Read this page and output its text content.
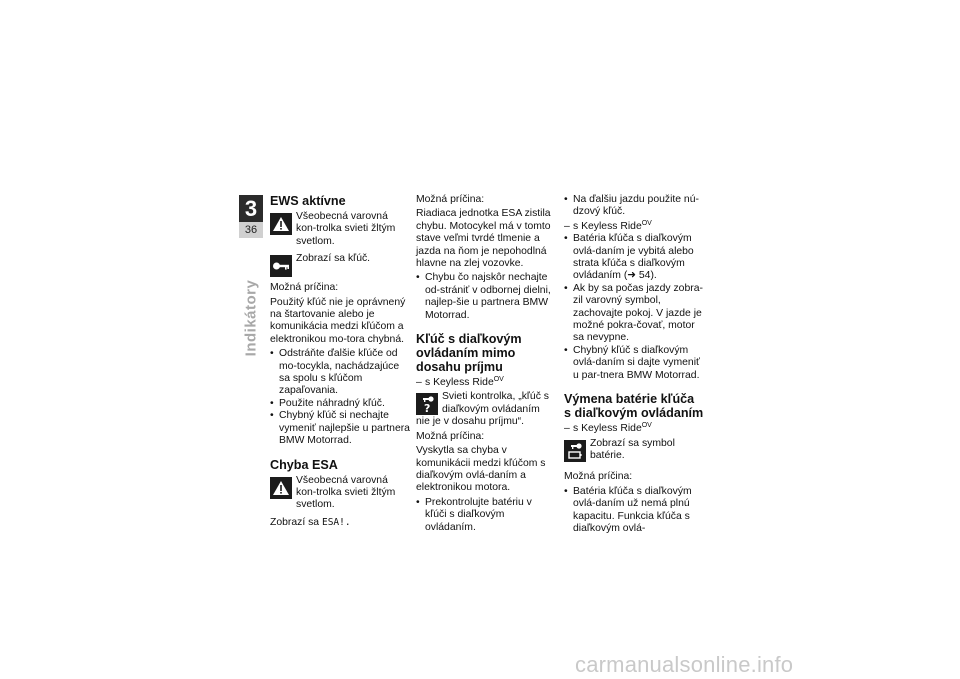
3
36
Indikátory
EWS aktívne
Všeobecná varovná kon-trolka svieti žltým svetlom.
Zobrazí sa kľúč.

Možná príčina:

Použitý kľúč nie je oprávnený na štartovanie alebo je komunikácia medzi kľúčom a elektronikou mo-tora chybná.

• Odstráňte ďalšie kľúče od mo-tocykla, nachádzajúce sa spolu s kľúčom zapaľovania.
• Použite náhradný kľúč.
• Chybný kľúč si nechajte vymeniť najlepšie u partnera BMW Motorrad.
Chyba ESA
Všeobecná varovná kon-trolka svieti žltým svetlom.

Zobrazí sa ESA!.

Možná príčina:

Riadiaca jednotka ESA zistila chybu. Motocykel má v tomto stave veľmi tvrdé tlmenie a jazda na ňom je nepohodlná hlavne na zlej vozovke.

• Chybu čo najskôr nechajte od-strániť v odbornej dielni, najlep-šie u partnera BMW Motorrad.
Kľúč s diaľkovým ovládaním mimo dosahu príjmu
– s Keyless Ride$^{OV}$
?
Svieti kontrolka, „kľúč s diaľkovým ovládaním nie je v dosahu príjmu“.

Možná príčina:

Vyskytla sa chyba v komunikácii medzi kľúčom s diaľkovým ovlá-daním a elektronikou motora.

• Prekontrolujte batériu v kľúči s diaľkovým ovládaním.
• Na ďalšiu jazdu použite nú-dzový kľúč.
– s Keyless Ride$^{OV}$
• Batéria kľúča s diaľkovým ovlá-daním je vybitá alebo strata kľúča s diaľkovým ovládaním (➜ 54).
• Ak by sa počas jazdy zobra-zil varovný symbol, zachovajte pokoj. V jazde je možné pokra-čovať, motor sa nevypne.
• Chybný kľúč s diaľkovým ovlá-daním si dajte vymeniť u par-tnera BMW Motorrad.
Výmena batérie kľúča s diaľkovým ovládaním
– s Keyless Ride$^{OV}$
Zobrazí sa symbol batérie.

Možná príčina:

• Batéria kľúča s diaľkovým ovlá-daním už nemá plnú kapacitu. Funkcia kľúča s diaľkovým ovlá-
carmanualsonline.info
